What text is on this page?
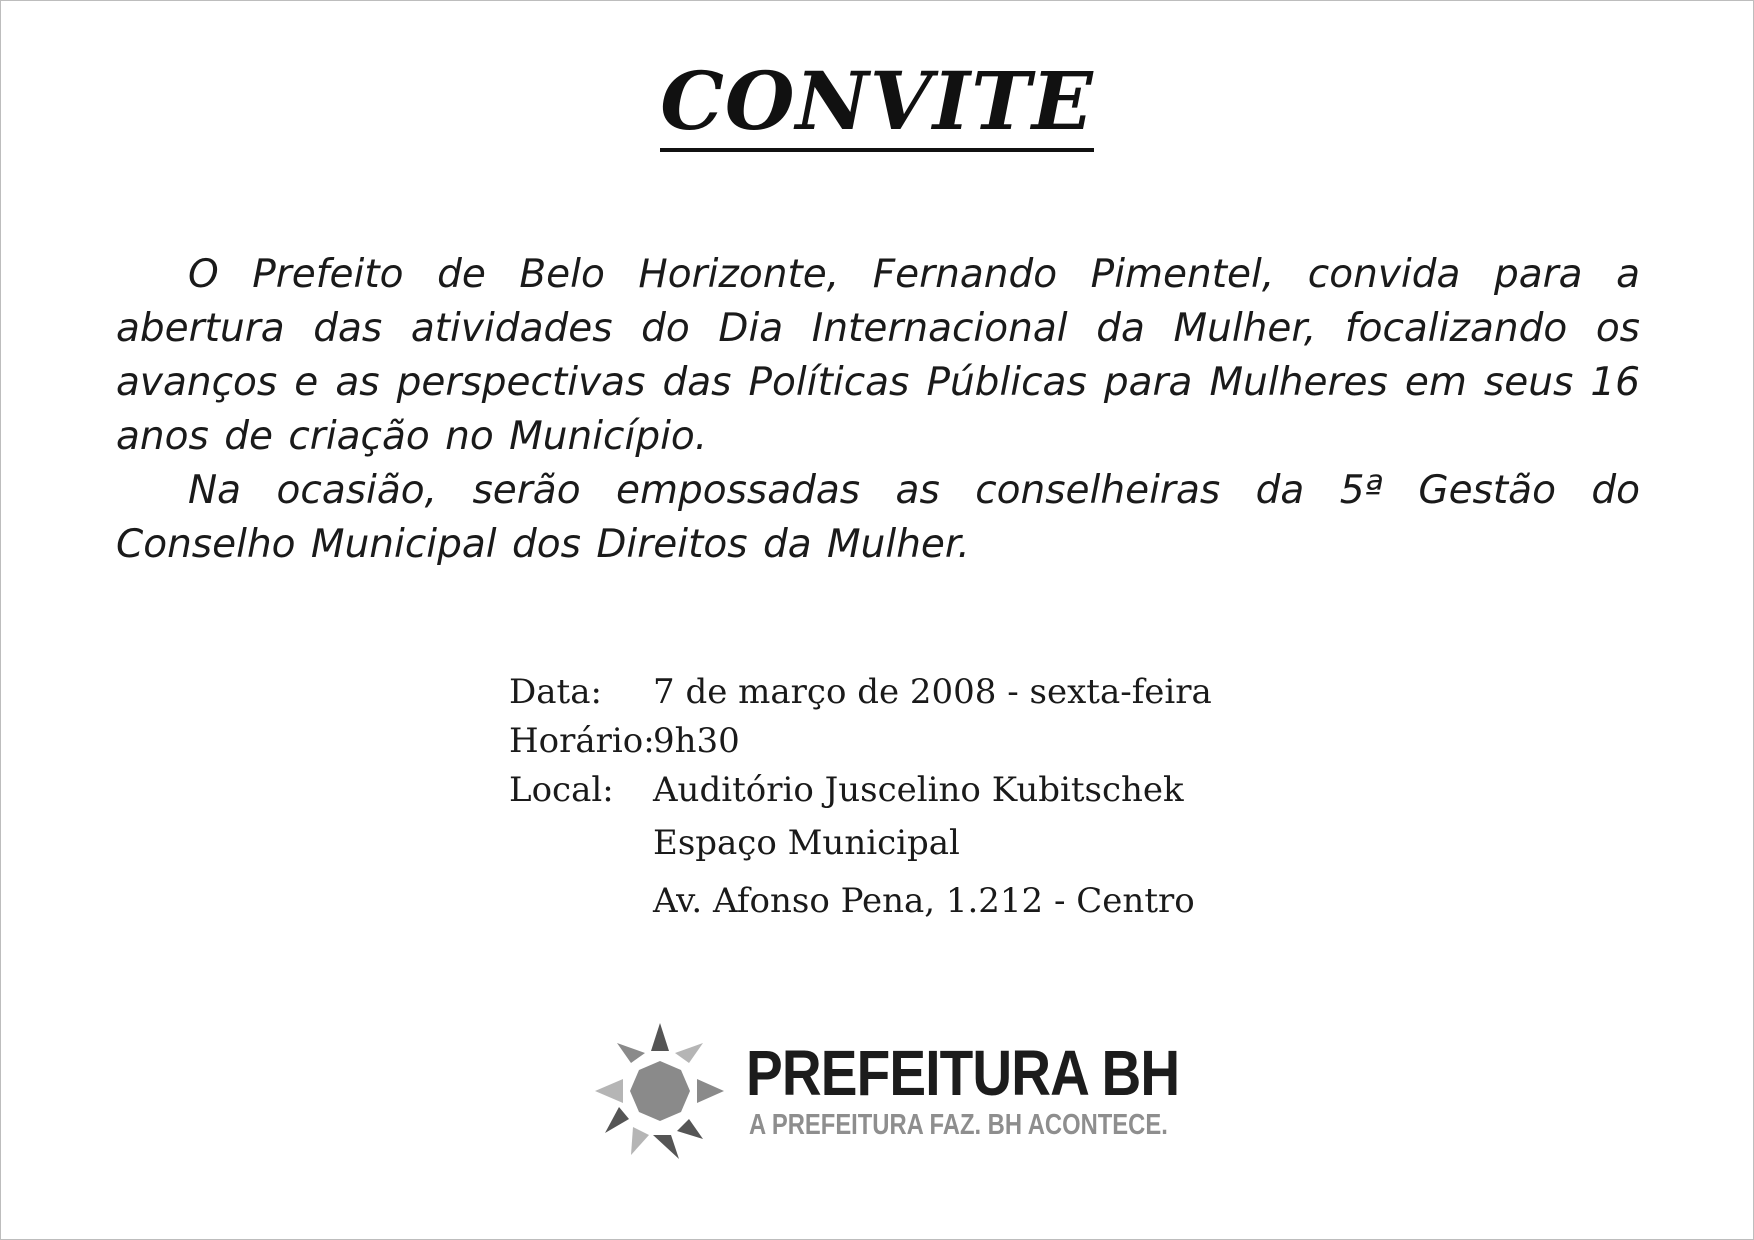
CONVITE

O Prefeito de Belo Horizonte, Fernando Pimentel, convida para a abertura das atividades do Dia Internacional da Mulher, focalizando os avanços e as perspectivas das Políticas Públicas para Mulheres em seus 16 anos de criação no Município.

Na ocasião, serão empossadas as conselheiras da 5ª Gestão do Conselho Municipal dos Direitos da Mulher.

Data:	7 de março de 2008 - sexta-feira
Horário:
9h30
Local:	Auditório Juscelino Kubitschek
Espaço Municipal
Av. Afonso Pena, 1.212 - Centro
PREFEITURA BH
A PREFEITURA FAZ. BH ACONTECE.
